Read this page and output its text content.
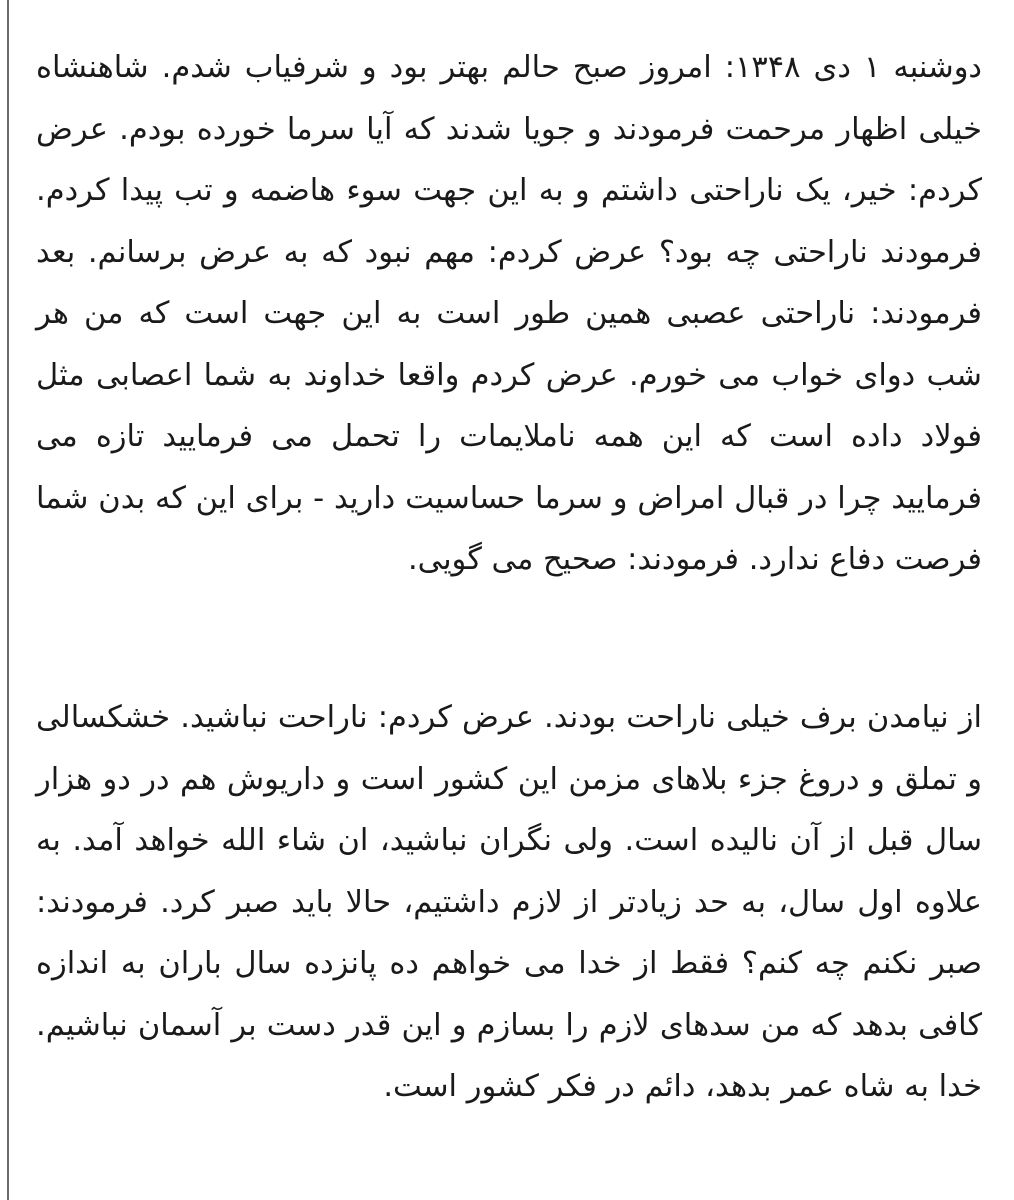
دوشنبه ۱ دی ۱۳۴۸: امروز صبح حالم بهتر بود و شرفیاب شدم. شاهنشاه خیلی اظهار مرحمت فرمودند و جویا شدند که آیا سرما خورده بودم. عرض کردم: خیر، یک ناراحتی داشتم و به این جهت سوء هاضمه و تب پیدا کردم. فرمودند ناراحتی چه بود؟ عرض کردم: مهم نبود که به عرض برسانم. بعد فرمودند: ناراحتی عصبی همین طور است به این جهت است که من هر شب دوای خواب می خورم. عرض کردم واقعا خداوند به شما اعصابی مثل فولاد داده است که این همه ناملایمات را تحمل می فرمایید تازه می فرمایید چرا در قبال امراض و سرما حساسیت دارید - برای این که بدن شما فرصت دفاع ندارد. فرمودند: صحیح می گویی.

از نیامدن برف خیلی ناراحت بودند. عرض کردم: ناراحت نباشید. خشکسالی و تملق و دروغ جزء بلاهای مزمن این کشور است و داریوش هم در دو هزار سال قبل از آن نالیده است. ولی نگران نباشید، ان شاء الله خواهد آمد. به علاوه اول سال، به حد زیادتر از لازم داشتیم، حالا باید صبر کرد. فرمودند: صبر نکنم چه کنم؟ فقط از خدا می خواهم ده پانزده سال باران به اندازه کافی بدهد که من سدهای لازم را بسازم و این قدر دست بر آسمان نباشیم. خدا به شاه عمر بدهد، دائم در فکر کشور است.
